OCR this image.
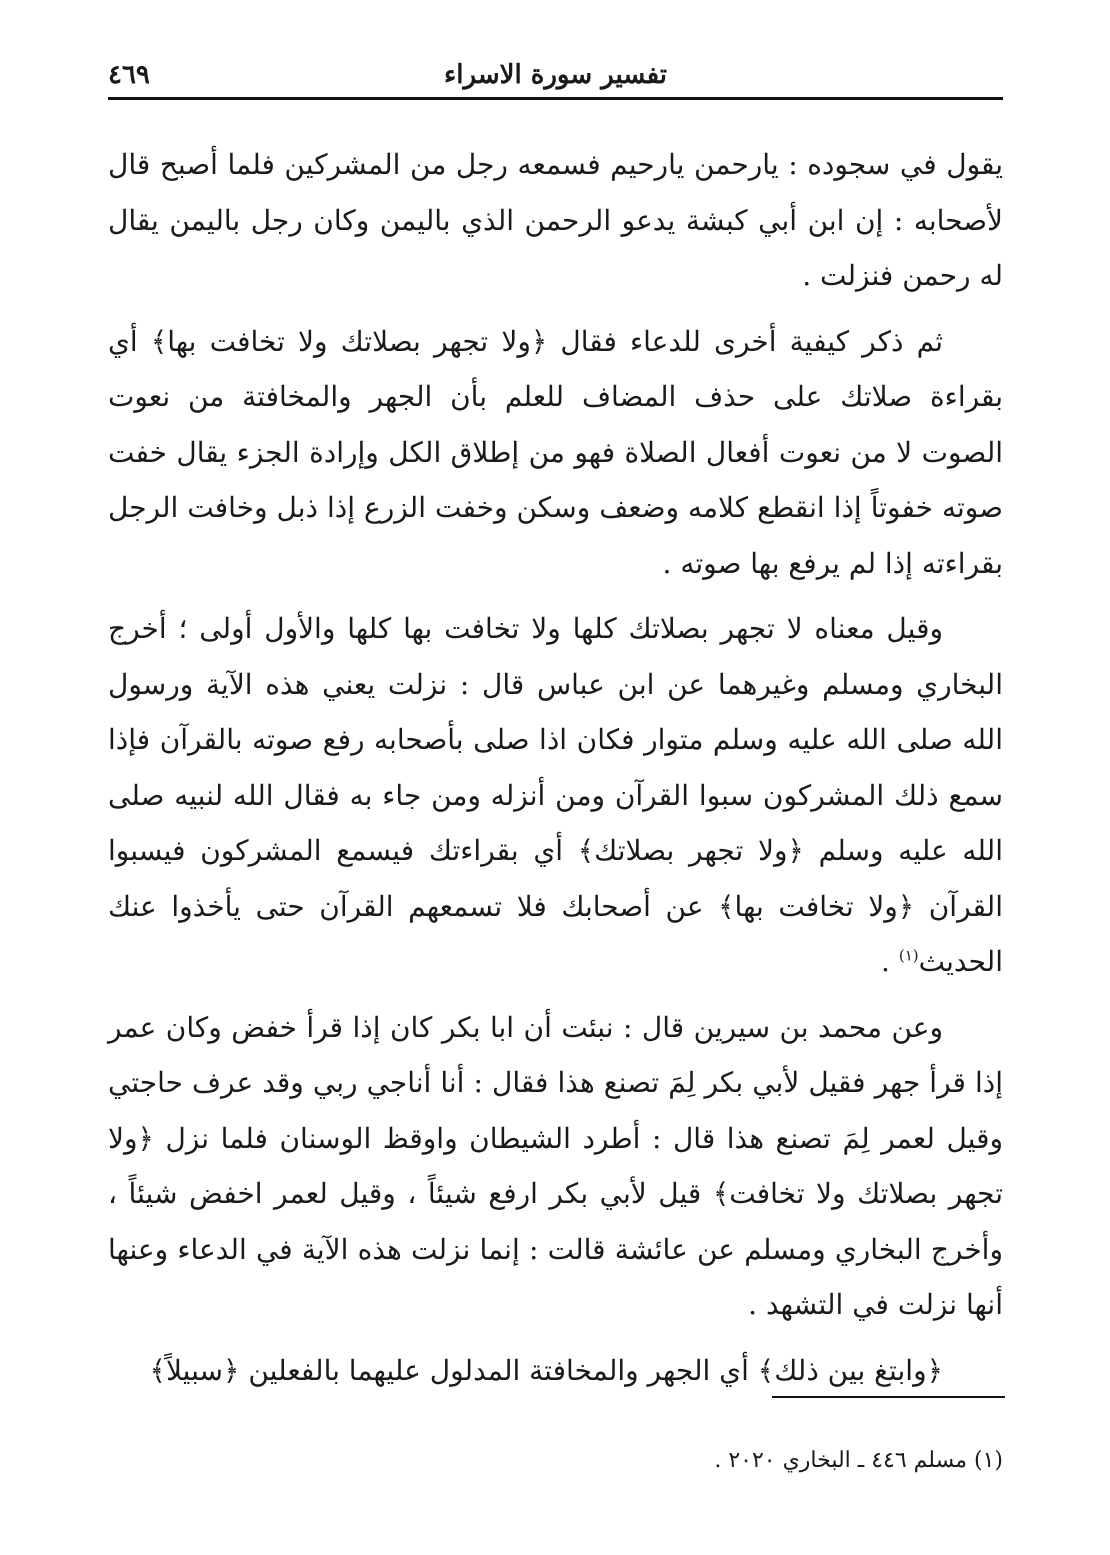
تفسير سورة الاسراء
٤٦٩

يقول في سجوده : يارحمن يارحيم فسمعه رجل من المشركين فلما أصبح قال لأصحابه : إن ابن أبي كبشة يدعو الرحمن الذي باليمن وكان رجل باليمن يقال له رحمن فنزلت .

ثم ذكر كيفية أخرى للدعاء فقال ﴿ولا تجهر بصلاتك ولا تخافت بها﴾ أي بقراءة صلاتك على حذف المضاف للعلم بأن الجهر والمخافتة من نعوت الصوت لا من نعوت أفعال الصلاة فهو من إطلاق الكل وإرادة الجزء يقال خفت صوته خفوتاً إذا انقطع كلامه وضعف وسكن وخفت الزرع إذا ذبل وخافت الرجل بقراءته إذا لم يرفع بها صوته .

وقيل معناه لا تجهر بصلاتك كلها ولا تخافت بها كلها والأول أولى ؛ أخرج البخاري ومسلم وغيرهما عن ابن عباس قال : نزلت يعني هذه الآية ورسول الله صلى الله عليه وسلم متوار فكان اذا صلى بأصحابه رفع صوته بالقرآن فإذا سمع ذلك المشركون سبوا القرآن ومن أنزله ومن جاء به فقال الله لنبيه صلى الله عليه وسلم ﴿ولا تجهر بصلاتك﴾ أي بقراءتك فيسمع المشركون فيسبوا القرآن ﴿ولا تخافت بها﴾ عن أصحابك فلا تسمعهم القرآن حتى يأخذوا عنك الحديث$^{(١)}$ .

وعن محمد بن سيرين قال : نبئت أن ابا بكر كان إذا قرأ خفض وكان عمر إذا قرأ جهر فقيل لأبي بكر لِمَ تصنع هذا فقال : أنا أناجي ربي وقد عرف حاجتي وقيل لعمر لِمَ تصنع هذا قال : أطرد الشيطان واوقظ الوسنان فلما نزل ﴿ولا تجهر بصلاتك ولا تخافت﴾ قيل لأبي بكر ارفع شيئاً ، وقيل لعمر اخفض شيئاً ، وأخرج البخاري ومسلم عن عائشة قالت : إنما نزلت هذه الآية في الدعاء وعنها أنها نزلت في التشهد .

﴿وابتغ بين ذلك﴾ أي الجهر والمخافتة المدلول عليهما بالفعلين ﴿سبيلاً﴾

(١) مسلم ٤٤٦ ـ البخاري ٢٠٢٠ .
